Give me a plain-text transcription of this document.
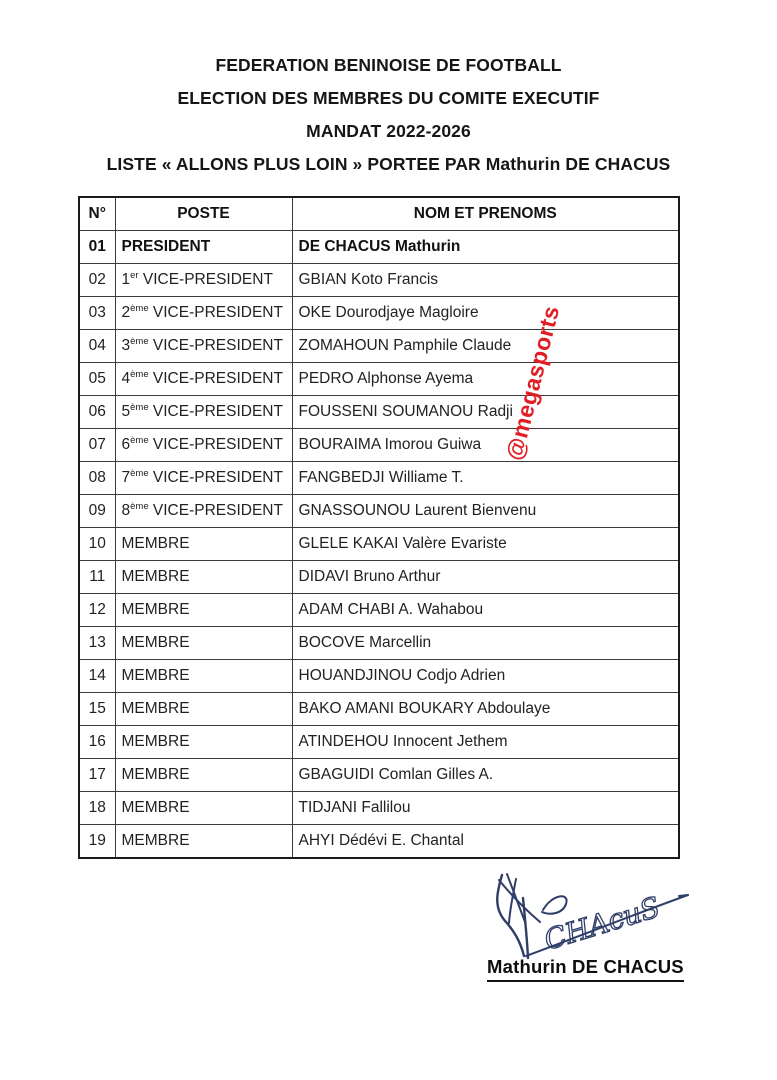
FEDERATION BENINOISE DE FOOTBALL
ELECTION DES MEMBRES DU COMITE EXECUTIF
MANDAT 2022-2026
LISTE « ALLONS PLUS LOIN » PORTEE PAR Mathurin DE CHACUS
N°	POSTE	NOM ET PRENOMS
01	PRESIDENT	DE CHACUS Mathurin
02	1er VICE-PRESIDENT	GBIAN Koto Francis
03	2ème VICE-PRESIDENT	OKE Dourodjaye Magloire
04	3ème VICE-PRESIDENT	ZOMAHOUN Pamphile Claude
05	4ème VICE-PRESIDENT	PEDRO Alphonse Ayema
06	5ème VICE-PRESIDENT	FOUSSENI SOUMANOU Radji
07	6ème VICE-PRESIDENT	BOURAIMA Imorou Guiwa
08	7ème VICE-PRESIDENT	FANGBEDJI Williame T.
09	8ème VICE-PRESIDENT	GNASSOUNOU Laurent Bienvenu
10	MEMBRE	GLELE KAKAI Valère Evariste
11	MEMBRE	DIDAVI Bruno Arthur
12	MEMBRE	ADAM CHABI A. Wahabou
13	MEMBRE	BOCOVE Marcellin
14	MEMBRE	HOUANDJINOU Codjo Adrien
15	MEMBRE	BAKO AMANI BOUKARY Abdoulaye
16	MEMBRE	ATINDEHOU Innocent Jethem
17	MEMBRE	GBAGUIDI Comlan Gilles A.
18	MEMBRE	TIDJANI Fallilou
19	MEMBRE	AHYI Dédévi E. Chantal
@megasports
CHAcuS
Mathurin DE CHACUS
